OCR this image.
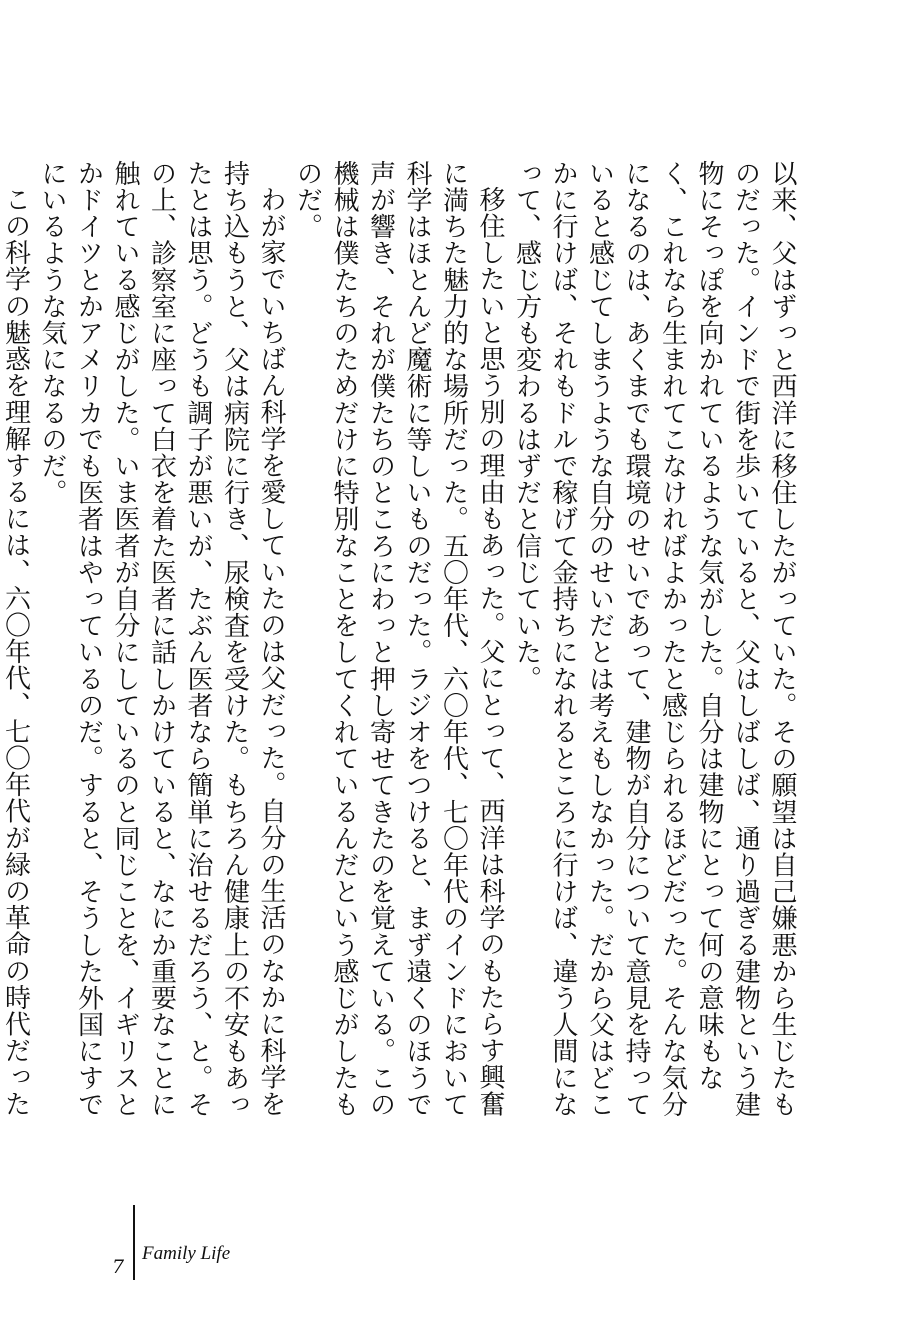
以来、父はずっと西洋に移住したがっていた。その願望は自己嫌悪から生じたものだった。インドで街を歩いていると、父はしばしば、通り過ぎる建物という建物にそっぽを向かれているような気がした。自分は建物にとって何の意味もなく、これなら生まれてこなければよかったと感じられるほどだった。そんな気分になるのは、あくまでも環境のせいであって、建物が自分について意見を持っていると感じてしまうような自分のせいだとは考えもしなかった。だから父はどこかに行けば、それもドルで稼げて金持ちになれるところに行けば、違う人間になって、感じ方も変わるはずだと信じていた。

移住したいと思う別の理由もあった。父にとって、西洋は科学のもたらす興奮に満ちた魅力的な場所だった。五〇年代、六〇年代、七〇年代のインドにおいて科学はほとんど魔術に等しいものだった。ラジオをつけると、まず遠くのほうで声が響き、それが僕たちのところにわっと押し寄せてきたのを覚えている。この機械は僕たちのためだけに特別なことをしてくれているんだという感じがしたものだ。

わが家でいちばん科学を愛していたのは父だった。自分の生活のなかに科学を持ち込もうと、父は病院に行き、尿検査を受けた。もちろん健康上の不安もあったとは思う。どうも調子が悪いが、たぶん医者なら簡単に治せるだろう、と。その上、診察室に座って白衣を着た医者に話しかけていると、なにか重要なことに触れている感じがした。いま医者が自分にしているのと同じことを、イギリスとかドイツとかアメリカでも医者はやっているのだ。すると、そうした外国にすでにいるような気になるのだ。

この科学の魅惑を理解するには、六〇年代、七〇年代が緑の革命の時代だった

7
Family Life
